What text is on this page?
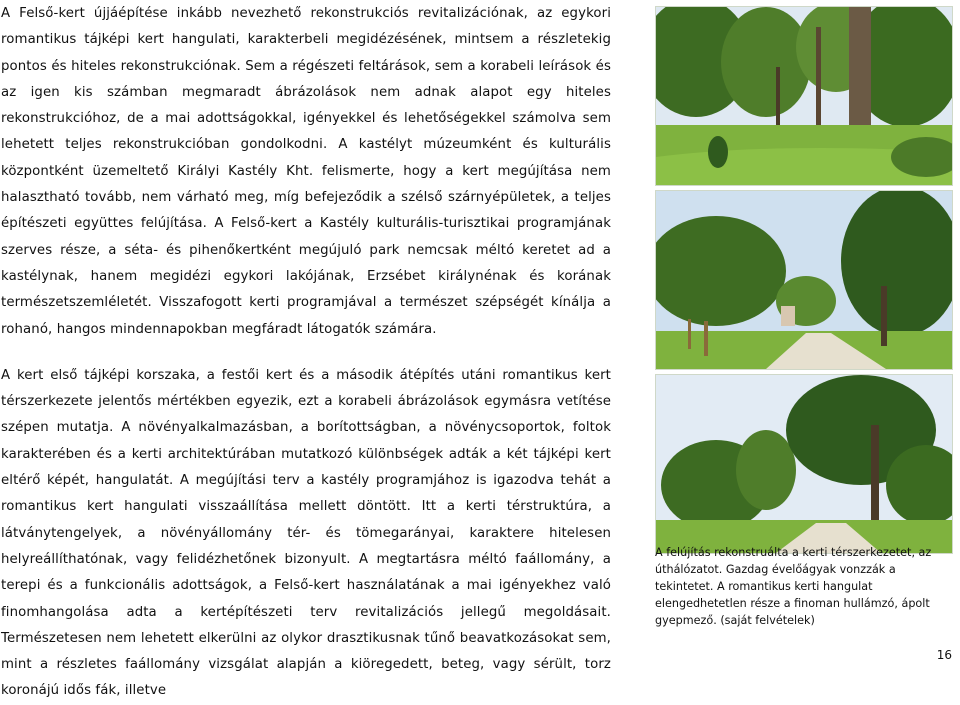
A Felső-kert újjáépítése inkább nevezhető rekonstrukciós revitalizációnak, az egykori romantikus tájképi kert hangulati, karakterbeli megidézésének, mintsem a részletekig pontos és hiteles rekonstrukciónak. Sem a régészeti feltárások, sem a korabeli leírások és az igen kis számban megmaradt ábrázolások nem adnak alapot egy hiteles rekonstrukcióhoz, de a mai adottságokkal, igényekkel és lehetőségekkel számolva sem lehetett teljes rekonstrukcióban gondolkodni. A kastélyt múzeumként és kulturális központként üzemeltető Királyi Kastély Kht. felismerte, hogy a kert megújítása nem halasztható tovább, nem várható meg, míg befejeződik a szélső szárnyépületek, a teljes építészeti együttes felújítása. A Felső-kert a Kastély kulturális-turisztikai programjának szerves része, a séta- és pihenőkertként megújuló park nemcsak méltó keretet ad a kastélynak, hanem megidézi egykori lakójának, Erzsébet királynénak és korának természetszemléletét. Visszafogott kerti programjával a természet szépségét kínálja a rohanó, hangos mindennapokban megfáradt látogatók számára.

A kert első tájképi korszaka, a festői kert és a második átépítés utáni romantikus kert térszerkezete jelentős mértékben egyezik, ezt a korabeli ábrázolások egymásra vetítése szépen mutatja. A növényalkalmazásban, a borítottságban, a növénycsoportok, foltok karakterében és a kerti architektúrában mutatkozó különbségek adták a két tájképi kert eltérő képét, hangulatát. A megújítási terv a kastély programjához is igazodva tehát a romantikus kert hangulati visszaállítása mellett döntött. Itt a kerti térstruktúra, a látványtengelyek, a növényállomány tér- és tömegarányai, karaktere hitelesen helyreállíthatónak, vagy felidézhetőnek bizonyult. A megtartásra méltó faállomány, a terepi és a funkcionális adottságok, a Felső-kert használatának a mai igényekhez való finomhangolása adta a kertépítészeti terv revitalizációs jellegű megoldásait. Természetesen nem lehetett elkerülni az olykor drasztikusnak tűnő beavatkozásokat sem, mint a részletes faállomány vizsgálat alapján a kiöregedett, beteg, vagy sérült, torz koronájú idős fák, illetve

A felújítás rekonstruálta a kerti térszerkezetet, az úthálózatot. Gazdag évelőágyak vonzzák a tekintetet. A romantikus kerti hangulat elengedhetetlen része a finoman hullámzó, ápolt gyepmező. (saját felvételek)
16
